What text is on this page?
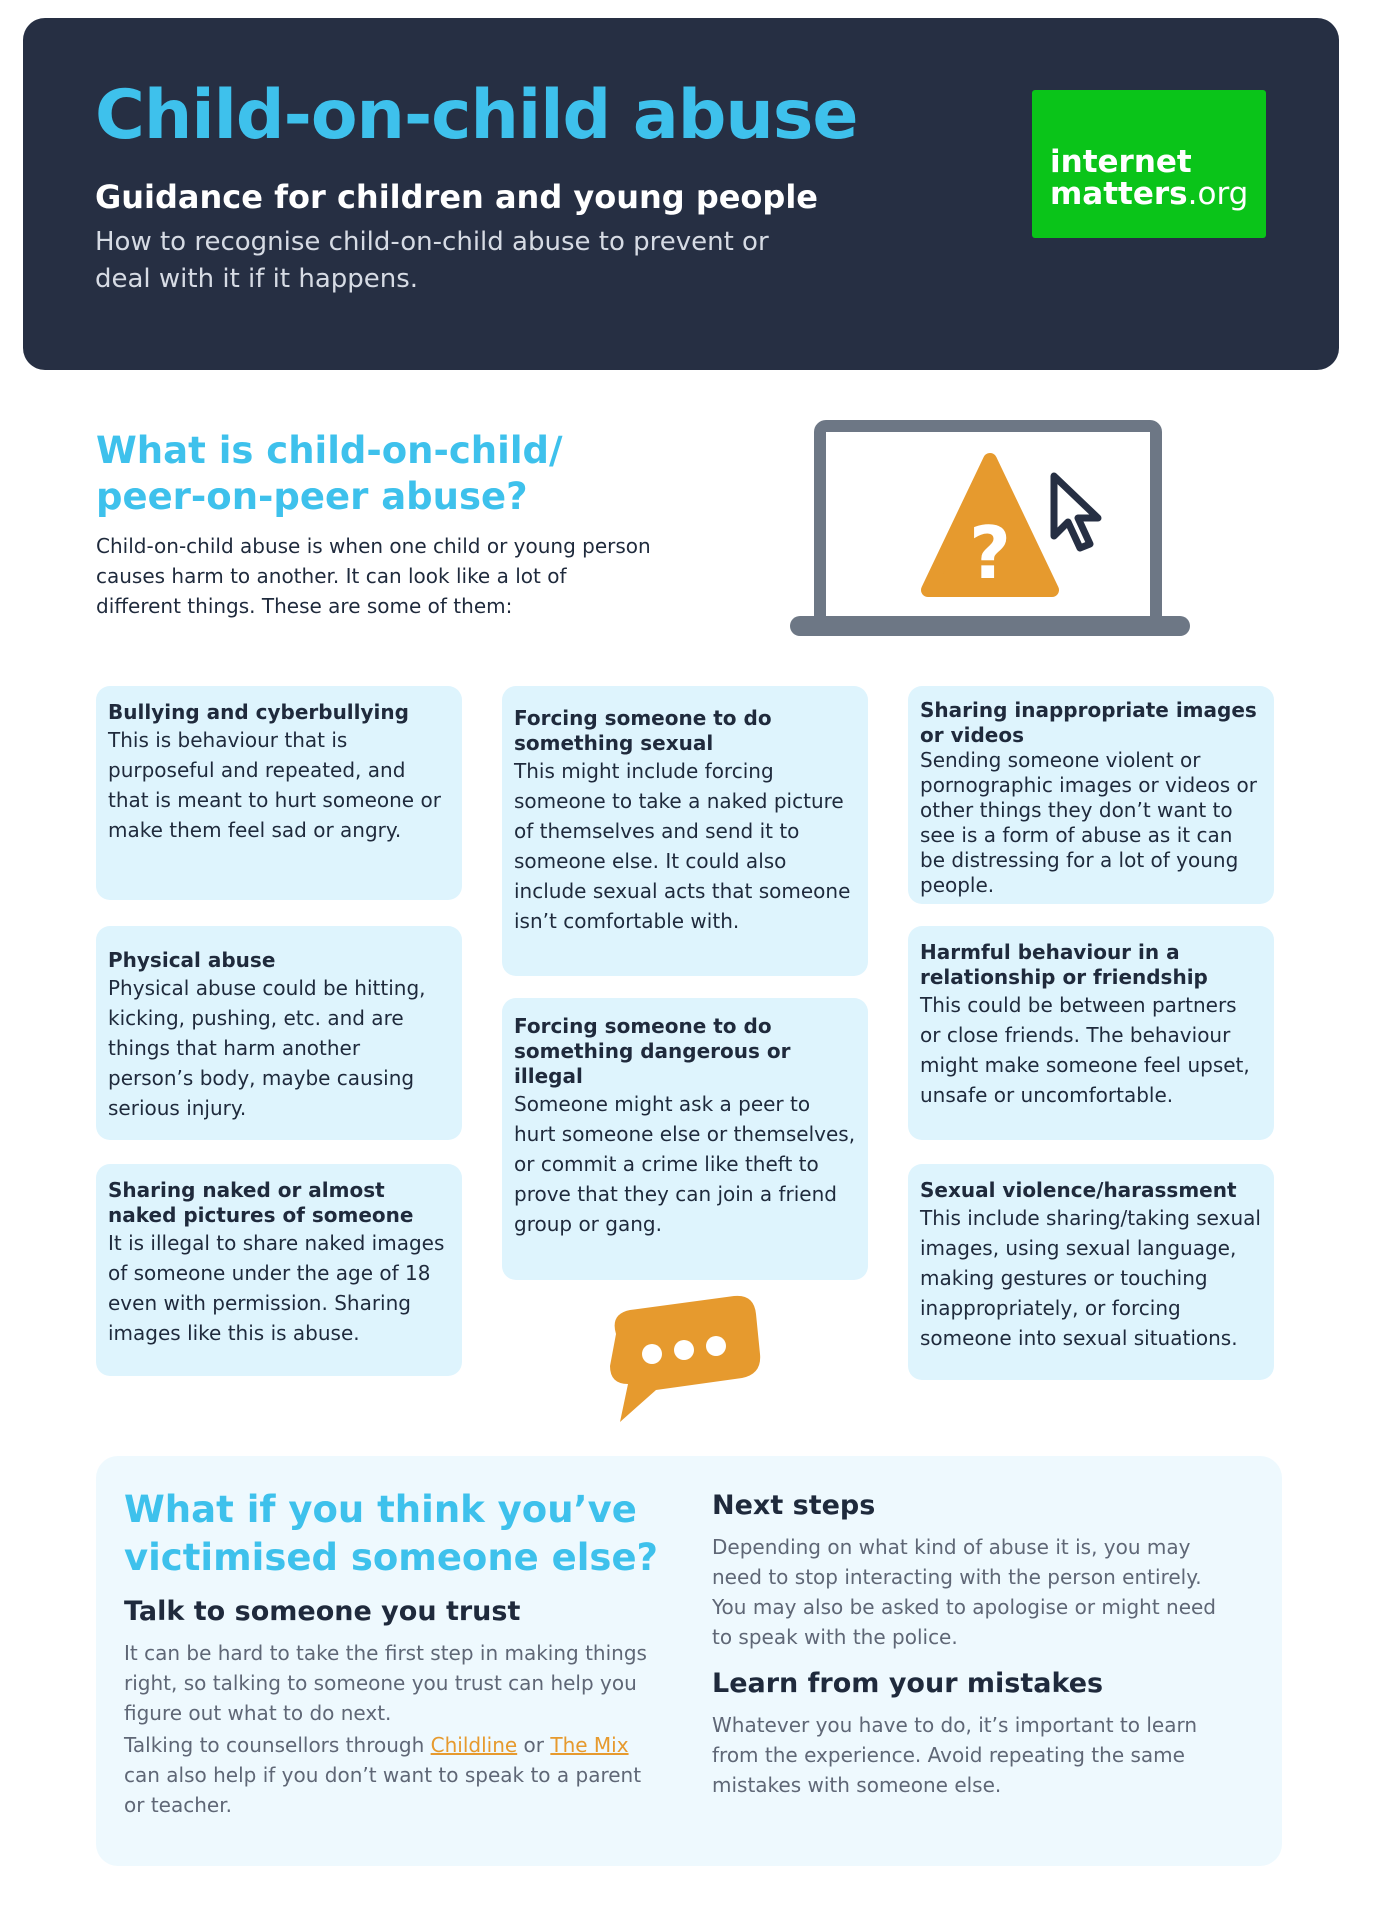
Child-on-child abuse
Guidance for children and young people

How to recognise child-on-child abuse to prevent or deal with it if it happens.

internet
matters.org
What is child-on-child/ peer-on-peer abuse?

Child-on-child abuse is when one child or young person causes harm to another. It can look like a lot of different things. These are some of them:

?
Bullying and cyberbullying

This is behaviour that is purposeful and repeated, and that is meant to hurt someone or make them feel sad or angry.

Physical abuse

Physical abuse could be hitting, kicking, pushing, etc. and are things that harm another person’s body, maybe causing serious injury.

Sharing naked or almost naked pictures of someone

It is illegal to share naked images of someone under the age of 18 even with permission. Sharing images like this is abuse.

Forcing someone to do something sexual

This might include forcing someone to take a naked picture of themselves and send it to someone else. It could also include sexual acts that someone isn’t comfortable with.

Forcing someone to do something dangerous or illegal

Someone might ask a peer to hurt someone else or themselves, or commit a crime like theft to prove that they can join a friend group or gang.

Sharing inappropriate images or videos

Sending someone violent or pornographic images or videos or other things they don’t want to see is a form of abuse as it can be distressing for a lot of young people.

Harmful behaviour in a relationship or friendship

This could be between partners or close friends. The behaviour might make someone feel upset, unsafe or uncomfortable.

Sexual violence/harassment

This include sharing/taking sexual images, using sexual language, making gestures or touching inappropriately, or forcing someone into sexual situations.

What if you think you’ve victimised someone else?
Talk to someone you trust

It can be hard to take the first step in making things right, so talking to someone you trust can help you figure out what to do next.

Talking to counsellors through Childline or The Mix can also help if you don’t want to speak to a parent or teacher.

Next steps

Depending on what kind of abuse it is, you may need to stop interacting with the person entirely. You may also be asked to apologise or might need to speak with the police.

Learn from your mistakes

Whatever you have to do, it’s important to learn from the experience. Avoid repeating the same mistakes with someone else.
